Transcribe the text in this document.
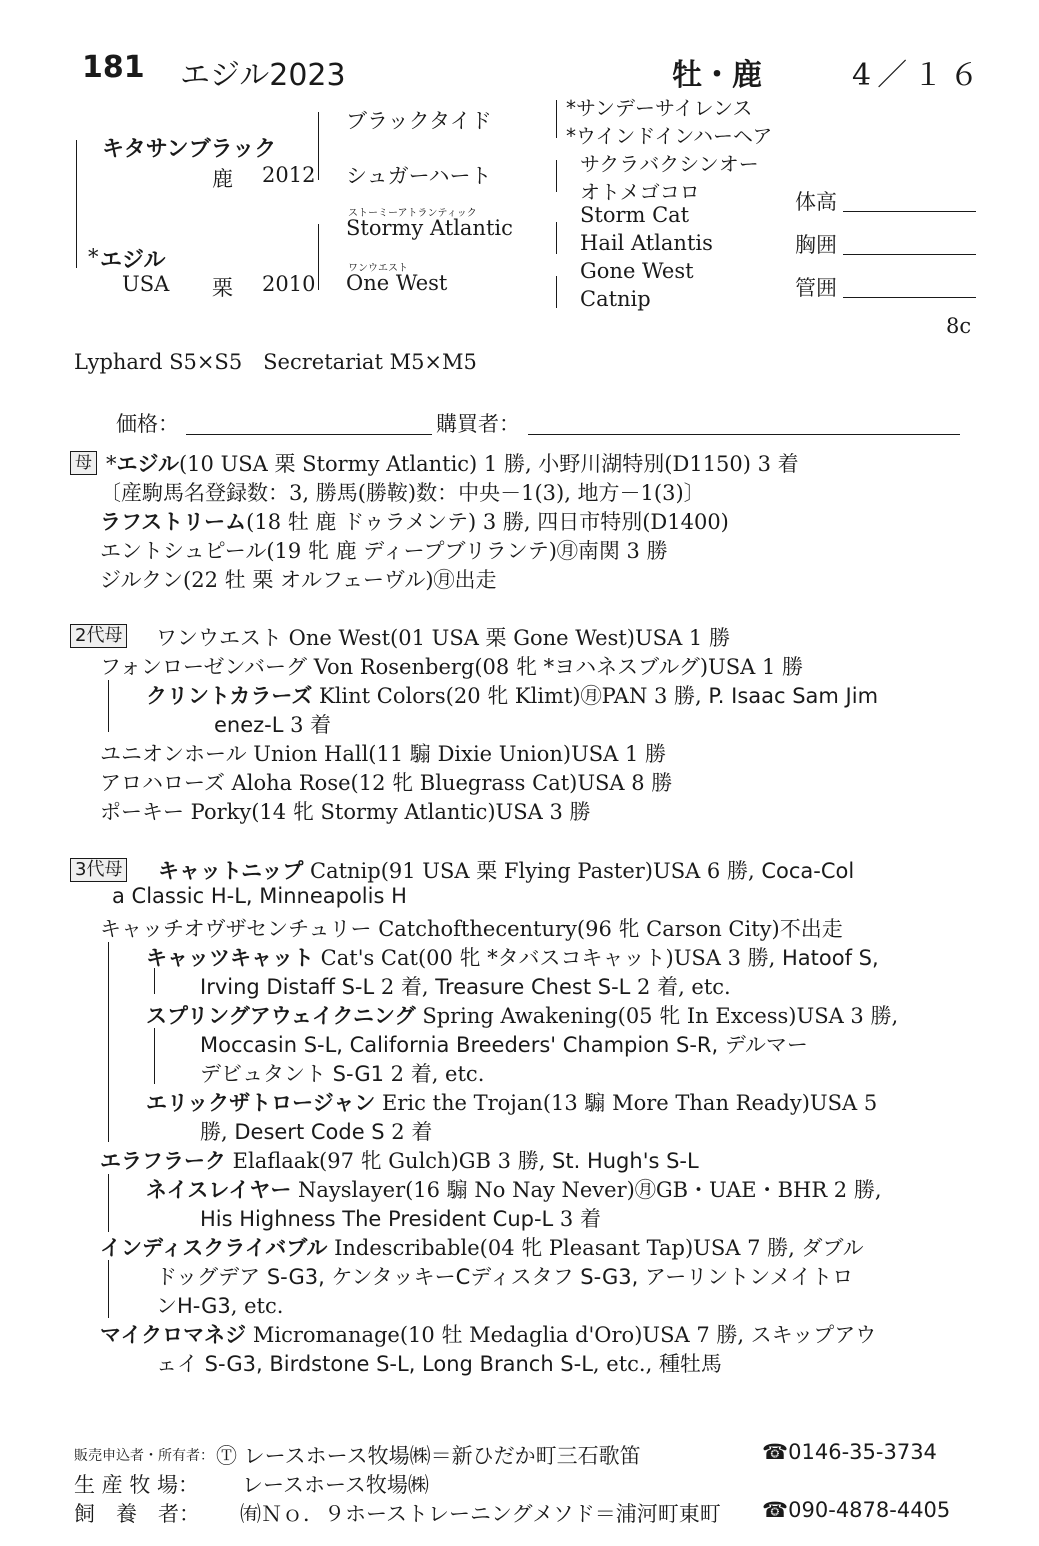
181 エジル2023	牡・鹿	4／１６
キタサンブラック
鹿 2012
* エジル
USA 栗 2010
ブラックタイド
シュガーハート
ストーミーアトランティック
Stormy Atlantic
ワンウエスト
One West
*サンデーサイレンス
*ウインドインハーヘア
サクラバクシンオー
オトメゴコロ
Storm Cat
Hail Atlantis
Gone West
Catnip
体高
胸囲
管囲
8c
Lyphard S5×S5　Secretariat M5×M5
価格：	購買者：
母 *エジル(10 USA 栗 Stormy Atlantic) 1 勝, 小野川湖特別(D1150) 3 着
〔産駒馬名登録数：3, 勝馬(勝鞍)数：中央－1(3), 地方－1(3)〕
ラフストリーム(18 牡 鹿 ドゥラメンテ) 3 勝, 四日市特別(D1400)
エントシュピール(19 牝 鹿 ディープブリランテ)㊊南関 3 勝
ジルクン(22 牡 栗 オルフェーヴル)㊊出走
2代母 ワンウエスト One West(01 USA 栗 Gone West)USA 1 勝
フォンローゼンバーグ Von Rosenberg(08 牝 *ヨハネスブルグ)USA 1 勝
クリントカラーズ Klint Colors(20 牝 Klimt)㊊PAN 3 勝, P. Isaac Sam Jim
enez-L 3 着
ユニオンホール Union Hall(11 騸 Dixie Union)USA 1 勝
アロハローズ Aloha Rose(12 牝 Bluegrass Cat)USA 8 勝
ポーキー Porky(14 牝 Stormy Atlantic)USA 3 勝
3代母 キャットニップ Catnip(91 USA 栗 Flying Paster)USA 6 勝, Coca-Col
a Classic H-L, Minneapolis H
キャッチオヴザセンチュリー Catchofthecentury(96 牝 Carson City)不出走
キャッツキャット Cat's Cat(00 牝 *タバスコキャット)USA 3 勝, Hatoof S,
Irving Distaff S-L 2 着, Treasure Chest S-L 2 着, etc.
スプリングアウェイクニング Spring Awakening(05 牝 In Excess)USA 3 勝,
Moccasin S-L, California Breeders' Champion S-R, デルマー
デビュタント S-G1 2 着, etc.
エリックザトロージャン Eric the Trojan(13 騸 More Than Ready)USA 5
勝, Desert Code S 2 着
エラフラーク Elaflaak(97 牝 Gulch)GB 3 勝, St. Hugh's S-L
ネイスレイヤー Nayslayer(16 騸 No Nay Never)㊊GB・UAE・BHR 2 勝,
His Highness The President Cup-L 3 着
インディスクライバブル Indescribable(04 牝 Pleasant Tap)USA 7 勝, ダブル
ドッグデア S-G3, ケンタッキーCディスタフ S-G3, アーリントンメイトロ
ンH-G3, etc.
マイクロマネジ Micromanage(10 牡 Medaglia d'Oro)USA 7 勝, スキップアウ
ェイ S-G3, Birdstone S-L, Long Branch S-L, etc., 種牡馬
販売申込者・所有者： Ⓣ レースホース牧場㈱＝新ひだか町三石歌笛	☎0146-35-3734
生 産 牧 場： レースホース牧場㈱
飼　養　者： ㈲Ｎｏ．９ホーストレーニングメソド＝浦河町東町 ☎090-4878-4405
